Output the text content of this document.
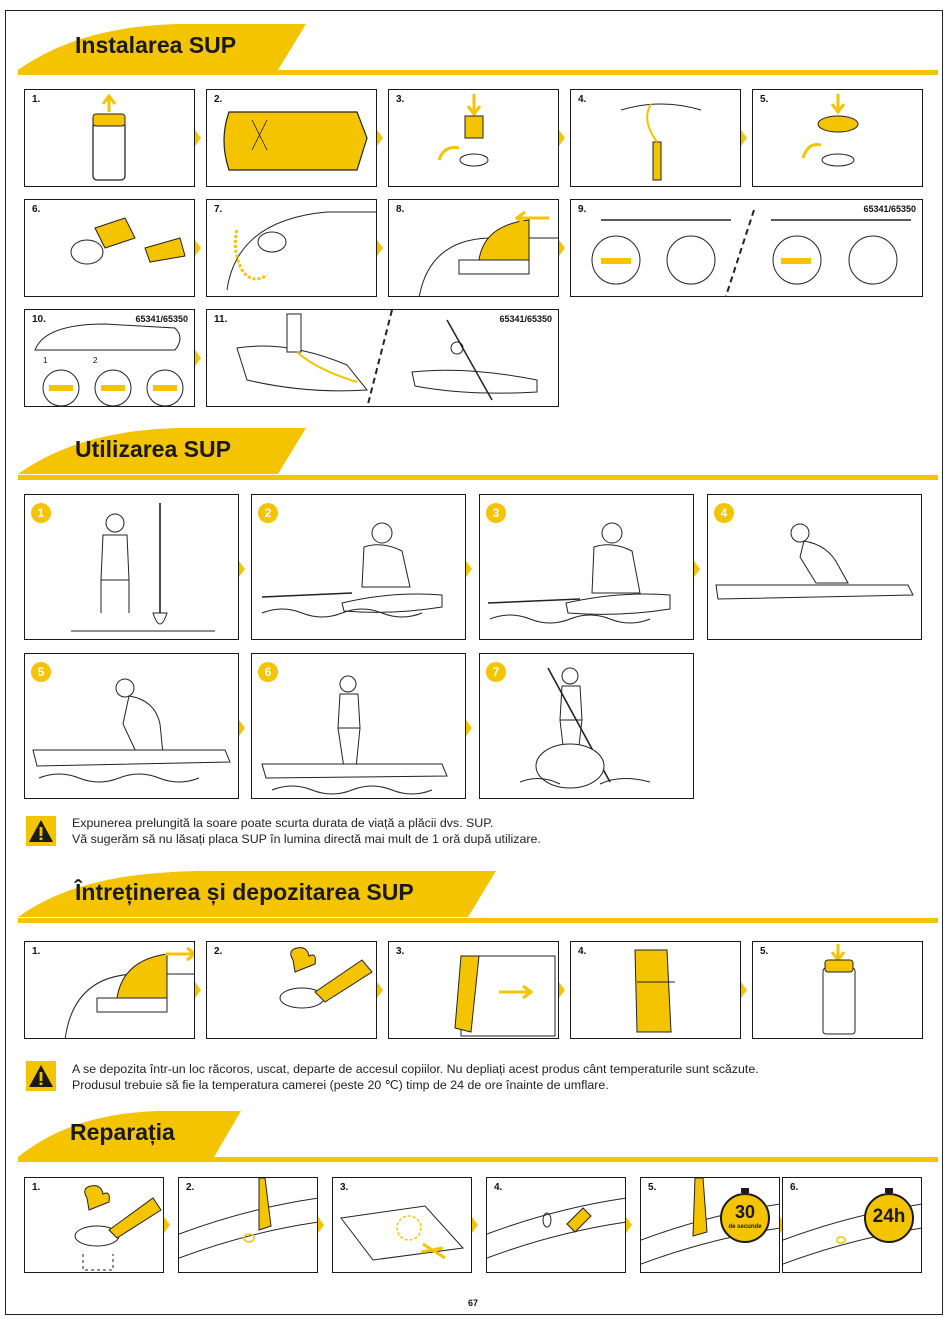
Instalarea SUP
1.	2.	3.	4.	5.
6.	7.	8.	9.	65341/65350
10.	65341/65350
1	2
11.	65341/65350
Utilizarea SUP
1	2	3	4
5	6	7
Expunerea prelungită la soare poate scurta durata de viață a plăcii dvs. SUP.
Vă sugerăm să nu lăsați placa SUP în lumina directă mai mult de 1 oră după utilizare.
Întreținerea și depozitarea SUP
1.	2.	3.	4.	5.
A se depozita într-un loc răcoros, uscat, departe de accesul copiilor. Nu depliați acest produs cânt temperaturile sunt scăzute.
Produsul trebuie să fie la temperatura camerei (peste 20 ℃) timp de 24 de ore înainte de umflare.
Reparația
1.	2.	3.	4.	5.
30
de secunde
6.
24h
67
